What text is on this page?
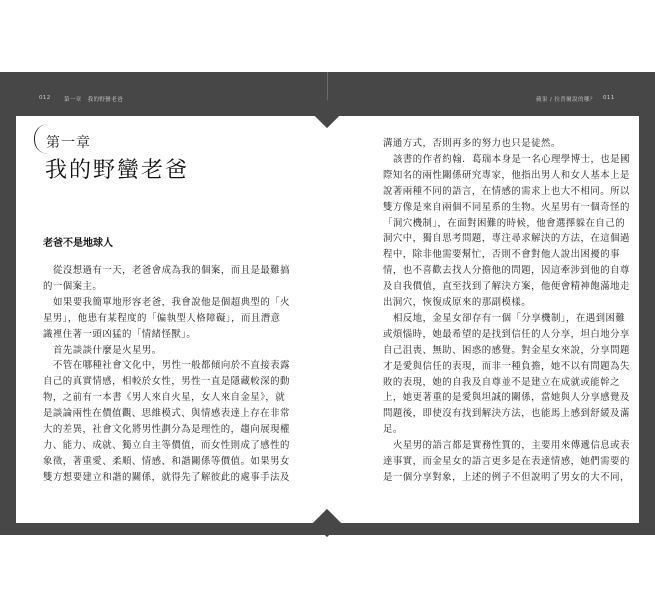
012 第一章　我的野蠻老爸	蘋果 / 拉普爾說的哪？ 011
第一章
我的野蠻老爸
老爸不是地球人
從沒想過有一天，老爸會成為我的個案，而且是最難搞
的一個案主。
如果要我簡單地形容老爸，我會說他是個超典型的「火
星男」，他患有某程度的「偏執型人格障礙」，而且潛意
識裡住著一頭凶猛的「情緒怪獸」。
首先談談什麼是火星男。
不管在哪種社會文化中，男性一般都傾向於不直接表露
自己的真實情感，相較於女性，男性一直是隱藏較深的動
物，之前有一本書《男人來自火星，女人來自金星》，就
是談論兩性在價值觀、思維模式、與情感表達上存在非常
大的差異，社會文化將男性劃分為是理性的，趨向展現權
力、能力、成就、獨立自主等價值，而女性則成了感性的
象徵，著重愛、柔順、情感、和諧關係等價值。如果男女
雙方想要建立和諧的關係，就得先了解彼此的處事手法及
溝通方式，否則再多的努力也只是徒然。
該書的作者約翰．葛瑞本身是一名心理學博士，也是國
際知名的兩性關係研究專家，他指出男人和女人基本上是
說著兩種不同的語言，在情感的需求上也大不相同。所以
雙方像是來自兩個不同星系的生物。火星男有一個奇怪的
「洞穴機制」，在面對困難的時候，他會選擇躲在自己的
洞穴中，獨自思考問題，專注尋求解決的方法，在這個過
程中，除非他需要幫忙，否則不會對他人說出困擾的事
情，也不喜歡去找人分擔他的問題，因這牽涉到他的自尊
及自我價值，直至找到了解決方案，他便會精神飽滿地走
出洞穴，恢復成原來的那副模樣。
相反地，金星女卻存有一個「分享機制」，在遇到困難
或煩惱時，她最希望的是找到信任的人分享，坦白地分享
自己沮喪、無助、困惑的感覺。對金星女來說，分享問題
才是愛與信任的表現，而非一種負擔，她不以有問題為失
敗的表現，她的自我及自尊並不是建立在成就或能幹之
上，她更著重的是愛與坦誠的關係，當她與人分享感覺及
問題後，即使沒有找到解決方法，也能馬上感到舒緩及滿
足。
火星男的語言都是實務性質的，主要用來傳遞信息或表
達事實，而金星女的語言更多是在表達情感，她們需要的
是一個分享對象，上述的例子不但說明了男女的大不同，
